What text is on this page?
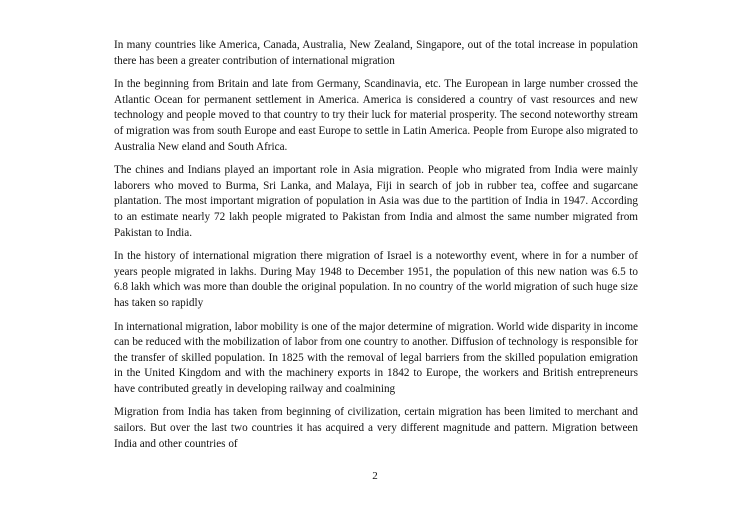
In many countries like America, Canada, Australia, New Zealand, Singapore, out of the total increase in population there has been a greater contribution of international migration

In the beginning from Britain and late from Germany, Scandinavia, etc. The European in large number crossed the Atlantic Ocean for permanent settlement in America. America is considered a country of vast resources and new technology and people moved to that country to try their luck for material prosperity. The second noteworthy stream of migration was from south Europe and east Europe to settle in Latin America. People from Europe also migrated to Australia New eland and South Africa.

The chines and Indians played an important role in Asia migration. People who migrated from India were mainly laborers who moved to Burma, Sri Lanka, and Malaya, Fiji in search of job in rubber tea, coffee and sugarcane plantation. The most important migration of population in Asia was due to the partition of India in 1947. According to an estimate nearly 72 lakh people migrated to Pakistan from India and almost the same number migrated from Pakistan to India.

In the history of international migration there migration of Israel is a noteworthy event, where in for a number of years people migrated in lakhs. During May 1948 to December 1951, the population of this new nation was 6.5 to 6.8 lakh which was more than double the original population. In no country of the world migration of such huge size has taken so rapidly

In international migration, labor mobility is one of the major determine of migration. World wide disparity in income can be reduced with the mobilization of labor from one country to another. Diffusion of technology is responsible for the transfer of skilled population. In 1825 with the removal of legal barriers from the skilled population emigration in the United Kingdom and with the machinery exports in 1842 to Europe, the workers and British entrepreneurs have contributed greatly in developing railway and coalmining

Migration from India has taken from beginning of civilization, certain migration has been limited to merchant and sailors. But over the last two countries it has acquired a very different magnitude and pattern. Migration between India and other countries of

2
